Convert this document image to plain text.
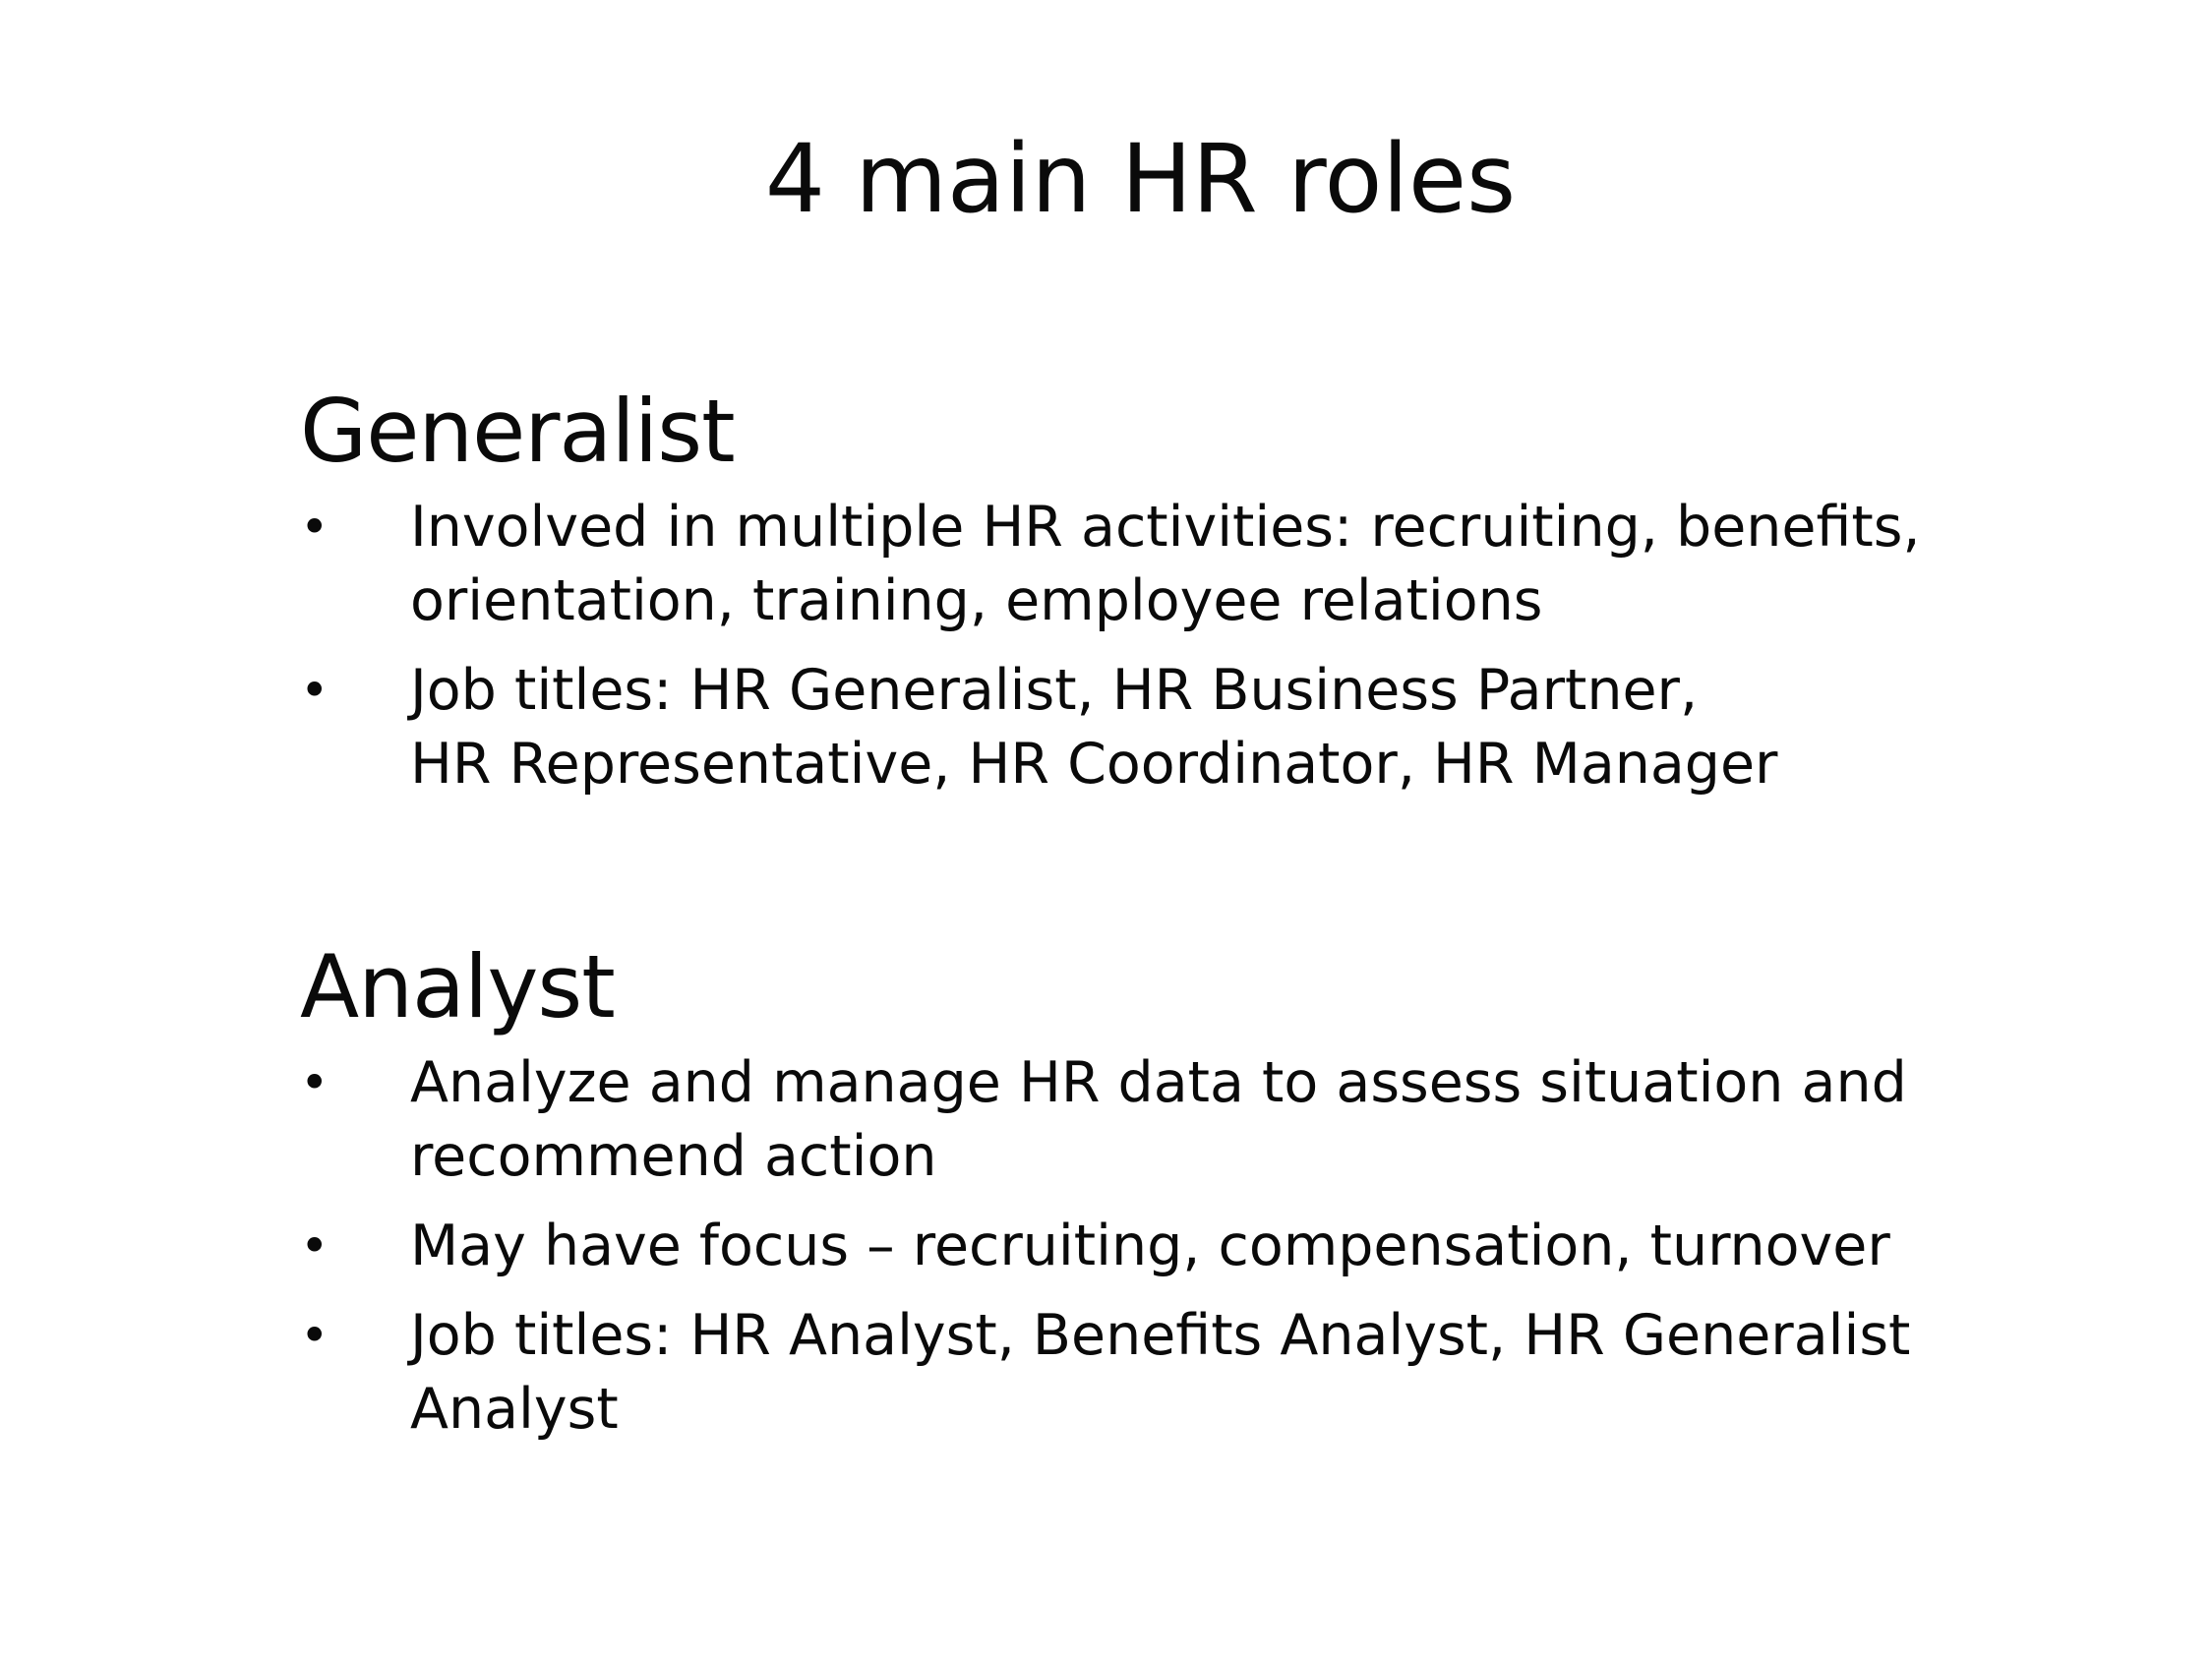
4 main HR roles
Generalist
• Involved in multiple HR activities: recruiting, benefits,
orientation, training, employee relations
• Job titles: HR Generalist, HR Business Partner,
HR Representative, HR Coordinator, HR Manager
Analyst
• Analyze and manage HR data to assess situation and
recommend action
• May have focus – recruiting, compensation, turnover
• Job titles: HR Analyst, Benefits Analyst, HR Generalist
Analyst
